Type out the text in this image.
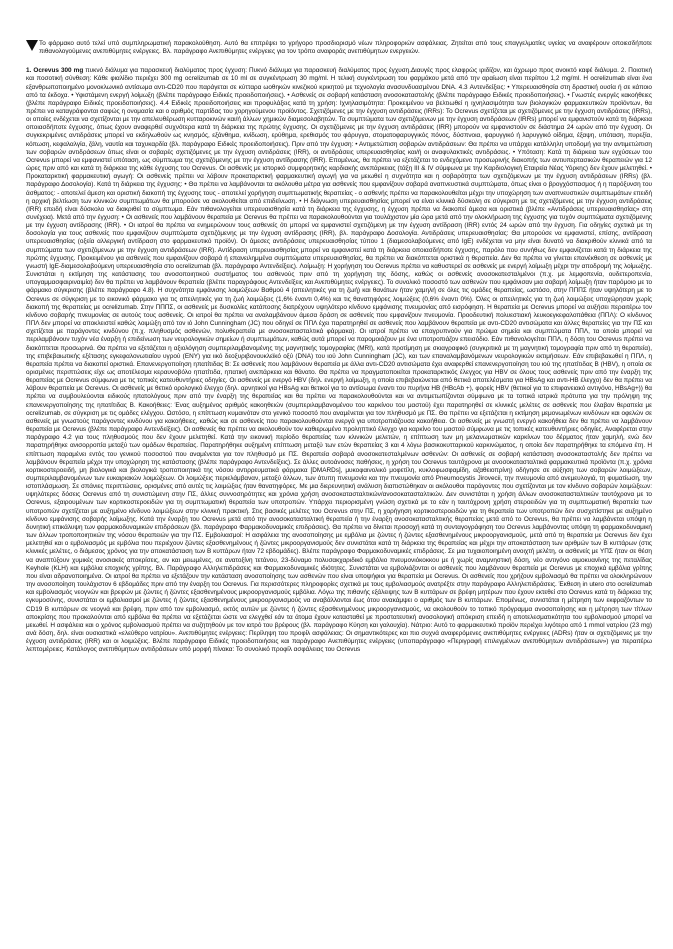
Το φάρμακο αυτό τελεί υπό συμπληρωματική παρακολούθηση. Αυτό θα επιτρέψει το γρήγορο προσδιορισμό νέων πληροφοριών ασφάλειας. Ζητείται από τους επαγγελματίες υγείας να αναφέρουν οποιεσδήποτε πιθανολογούμενες ανεπιθύμητες ενέργειες. Βλ. παράγραφο Ανεπιθύμητες ενέργειες για τον τρόπο αναφοράς ανεπιθύμητων ενεργειών.
1. Ocrevus 300 mg πυκνό διάλυμα για παρασκευή διαλύματος προς έγχυση: Πυκνό διάλυμα για παρασκευή διαλύματος προς έγχυση.Διαυγές προς ελαφρώς ιριδίζον, και άχρωμο προς ανοικτό καφέ διάλυμα. 2. Ποιοτική και ποσοτική σύνθεση: Κάθε φιαλίδιο περιέχει 300 mg ocrelizumab σε 10 ml σε συγκέντρωση 30 mg/ml. Η τελική συγκέντρωση του φαρμάκου μετά από την αραίωση είναι περίπου 1,2 mg/ml. Η ocrelizumab είναι ένα εξανθρωποποιημένο μονοκλωνικό αντίσωμα αντι-CD20 που παράγεται σε κύτταρα ωοθηκών κινεζικού κρικητού με τεχνολογία ανασυνδυασμένου DNA. 4.3 Αντενδείξεις: • Υπερευαισθησία στη δραστική ουσία ή σε κάποιο από τα έκδοχα. • Υφιστάμενη ενεργή λοίμωξη (βλέπε παράγραφο Ειδικές προειδοποιήσεις). • Ασθενείς σε σοβαρή κατάσταση ανοσοκαταστολής (βλέπε παράγραφο Ειδικές προειδοποιήσεις). • Γνωστές ενεργές κακοήθειες (βλέπε παράγραφο Ειδικές προειδοποιήσεις). 4.4 Ειδικές προειδοποιήσεις και προφυλάξεις κατά τη χρήση: Ιχνηλασιμότητα: Προκειμένου να βελτιωθεί η ιχνηλασιμότητα των βιολογικών φαρμακευτικών προϊόντων, θα πρέπει να καταγράφονται σαφώς η ονομασία και ο αριθμός παρτίδας του χορηγούμενου προϊόντος. Σχετιζόμενες με την έγχυση αντιδράσεις (IRRs): Το Ocrevus σχετίζεται με σχετιζόμενες με την έγχυση αντιδράσεις (IRRs), οι οποίες ενδέχεται να σχετίζονται με την απελευθέρωση κυτταροκινών και/ή άλλων χημικών διαμεσολαβητών. Τα συμπτώματα των σχετιζόμενων με την έγχυση αντιδράσεων (IRRs) μπορεί να εμφανιστούν κατά τη διάρκεια οποιασδήποτε έγχυσης, όπως έχουν αναφερθεί συχνότερα κατά τη διάρκεια της πρώτης έγχυσης. Οι σχετιζόμενες με την έγχυση αντιδράσεις (IRR) μπορούν να εμφανιστούν σε διάστημα 24 ωρών από την έγχυση. Οι συγκεκριμένες αντιδράσεις μπορεί να εκδηλωθούν ως κνησμός, εξάνθημα, κνίδωση, ερύθημα, ερεθισμός του φάρυγγα, στοματοφαρυγγικός πόνος, δύσπνοια, φαρυγγικό ή λαρυγγικό οίδημα, έξαψη, υπόταση, πυρεξία, κόπωση, κεφαλαλγία, ζάλη, ναυτία και ταχυκαρδία (βλ. παράγραφο Ειδικές προειδοποιήσεις). Πριν από την έγχυση: • Αντιμετώπιση σοβαρών αντιδράσεων: Θα πρέπει να υπάρχει κατάλληλη υποδομή για την αντιμετώπιση των σοβαρών αντιδράσεων όπως είναι οι σοβαρές σχετιζόμενες με την έγχυση αντιδράσεις (IRR), οι αντιδράσεις υπερευαισθησίας και/ή οι αναφυλακτικές αντιδράσεις. • Υπόταση: Κατά τη διάρκεια των εγχύσεων του Ocrevus μπορεί να εμφανιστεί υπόταση, ως σύμπτωμα της σχετιζόμενης με την έγχυση αντίδρασης (IRR). Επομένως, θα πρέπει να εξετάζεται το ενδεχόμενο προσωρινής διακοπής των αντιυπερτασικών θεραπειών για 12 ώρες πριν από και κατά τη διάρκεια της κάθε έγχυσης του Ocrevus. Οι ασθενείς με ιστορικό συμφορητικής καρδιακής ανεπάρκειας (τάξη III & IV σύμφωνα με την Καρδιολογική Εταιρεία Νέας Υόρκης) δεν έχουν μελετηθεί. • Προκαταρκτική φαρμακευτική αγωγή: Οι ασθενείς πρέπει να λάβουν προκαταρκτική φαρμακευτική αγωγή για να μειωθεί η συχνότητα και η σοβαρότητα των σχετιζόμενων με την έγχυση αντιδράσεων (IRRs) (βλ. παράγραφο Δοσολογία). Κατά τη διάρκεια της έγχυσης: • Θα πρέπει να λαμβάνονται τα ακόλουθα μέτρα για ασθενείς που εμφανίζουν σοβαρά αναπνευστικά συμπτώματα, όπως είναι ο βρογχόσπασμος ή η παρόξυνση του άσθματος: - αποτελεί άμεση και οριστική διακοπή της έγχυσης τους - αποτελεί χορήγηση συμπτωματικής θεραπείας - ο ασθενής πρέπει να παρακολουθείται μέχρι την υποχώρηση των αναπνευστικών συμπτωμάτων επειδή η αρχική βελτίωση των κλινικών συμπτωμάτων θα μπορούσε να ακολουθείται από επιδείνωση. • Η διάγνωση υπερευαισθησίας μπορεί να είναι κλινικά δύσκολη σε σύγκριση με τις σχετιζόμενες με την έγχυση αντιδράσεις (IRR) επειδή είναι δύσκολο να διακριθεί το σύμπτωμα. Εάν πιθανολογείται υπερευαισθησία κατά τη διάρκεια της έγχυσης, η έγχυση πρέπει να διακοπεί άμεσα και οριστικά (βλέπε «Αντιδράσεις υπερευαισθησίας» στη συνέχεια). Μετά από την έγχυση: • Οι ασθενείς που λαμβάνουν θεραπεία με Ocrevus θα πρέπει να παρακολουθούνται για τουλάχιστον μία ώρα μετά από την ολοκλήρωση της έγχυσης για τυχόν συμπτώματα σχετιζόμενης με την έγχυση αντίδρασης (IRR). • Οι ιατροί θα πρέπει να ενημερώνουν τους ασθενείς ότι μπορεί να εμφανιστεί σχετιζόμενη με την έγχυση αντίδραση (IRR) εντός 24 ωρών από την έγχυση. Για οδηγίες σχετικά με τη δοσολογία για τους ασθενείς που εμφανίζουν συμπτώματα σχετιζόμενης με την έγχυση αντίδρασης (IRR), βλ. παράγραφο Δοσολογία. Αντιδράσεις υπερευαισθησίας: Θα μπορούσε να εμφανιστεί, επίσης, αντίδραση υπερευαισθησίας (οξεία αλλεργική αντίδραση στο φαρμακευτικό προϊόν). Οι άμεσες αντιδράσεις υπερευαισθησίας τύπου 1 (διαμεσολαβούμενες από IgE) ενδέχεται να μην είναι δυνατό να διακριθούν κλινικά από τα συμπτώματα των σχετιζόμενων με την έγχυση αντιδράσεων (IRR). Αντίδραση υπερευαισθησίας μπορεί να εμφανιστεί κατά τη διάρκεια οποιασδήποτε έγχυσης, παρόλο που συνήθως δεν εμφανίζεται κατά τη διάρκεια της πρώτης έγχυσης. Προκειμένου για ασθενείς που εμφανίζουν σοβαρά ή επανειλημμένα συμπτώματα υπερευαισθησίας, θα πρέπει να διακόπτεται οριστικά η θεραπεία. Δεν θα πρέπει να γίνεται επανέκθεση σε ασθενείς με γνωστή IgE-διαμεσολαβούμενη υπερευαισθησία στο ocrelizumab (βλ. παράγραφο Αντενδείξεις). Λοίμωξη: Η χορήγηση του Ocrevus πρέπει να καθυστερεί σε ασθενείς με ενεργή λοίμωξη μέχρι την αποδρομή της λοίμωξης. Συνιστάται η εκτίμηση της κατάστασης του ανοσοποιητικού συστήματος του ασθενούς πριν από τη χορήγηση της δόσης, καθώς οι ασθενείς ανοσοκατεσταλμένοι (π.χ. με λεμφοπενία, ουδετεροπενία, υπογαμμασφαιριναιμία) δεν θα πρέπει να λαμβάνουν θεραπεία (βλέπε παραγράφους Αντενδείξεις και Ανεπιθύμητες ενέργειες). Το συνολικό ποσοστό των ασθενών που εμφάνισαν μια σοβαρή λοίμωξη ήταν παρόμοιο με το φάρμακο σύγκρισης (βλέπε παράγραφο 4.8). Η συχνότητα εμφάνισης λοιμώξεων Βαθμού 4 (απειλητικές για τη ζωή) και θανάτων ήταν χαμηλή σε όλες τις ομάδες θεραπείας, ωστόσο, στην ΠΠΠΣ ήταν υψηλότερη με το Ocrevus σε σύγκριση με το εικονικό φάρμακο για τις απειλητικές για τη ζωή λοιμώξεις (1,6% έναντι 0,4%) και τις θανατηφόρες λοιμώξεις (0,6% έναντι 0%). Όλες οι απειλητικές για τη ζωή λοιμώξεις υποχώρησαν χωρίς διακοπή της θεραπείας με ocrelizumab. Στην ΠΠΠΣ, οι ασθενείς με δυσκολίες κατάποσης διατρέχουν υψηλότερο κίνδυνο εμφάνισης πνευμονίας από εισρόφηση. Η θεραπεία με Ocrevus μπορεί να αυξήσει περαιτέρω τον κίνδυνο σοβαρής πνευμονίας σε αυτούς τους ασθενείς. Οι ιατροί θα πρέπει να αναλαμβάνουν άμεσα δράση σε ασθενείς που εμφανίζουν πνευμονία. Προοδευτική πολυεστιακή λευκοεγκεφαλοπάθεια (ΠΠΛ): Ο κίνδυνος ΠΠΛ δεν μπορεί να αποκλειστεί καθώς λοιμώξη από τον ιό John Cunningham (JC) που οδηγεί σε ΠΠΛ έχει παρατηρηθεί σε ασθενείς που λαμβάνουν θεραπεία με αντι-CD20 αντισώματα και άλλες θεραπείες για την ΠΣ και σχετίζεται με παράγοντες κινδύνου (π.χ. πληθυσμός ασθενών, πολυθεραπεία με ανοσοκατασταλτικά φάρμακα). Οι ιατροί πρέπει να επαγρυπνούν για πρώιμα σημεία και συμπτώματα ΠΠΛ, τα οποία μπορεί να περιλαμβάνουν τυχόν νέα έναρξη ή επιδείνωση των νευρολογικών σημείων ή συμπτωμάτων, καθώς αυτά μπορεί να παρομοιάζουν με ένα υποτροπιάζον επεισόδιο. Εάν πιθανολογείται ΠΠΛ, η δόση του Ocrevus πρέπει να διακόπτεται προσωρινά. Θα πρέπει να εξετάζεται η αξιολόγηση συμπεριλαμβανομένης της μαγνητικής τομογραφίας (MRI), κατά προτίμηση με σκιαγραφικό (συγκριτικά με τη μαγνητική τομογραφία πριν από τη θεραπεία), της επιβεβαιωτικής εξέτασης εγκεφαλονωτιαίου υγρού (ENY) για ιικό δεοξυριβονουκλεϊκό οξύ (DNA) του ιού John Cunningham (JC), και των επαναλαμβανόμενων νευρολογικών εκτιμήσεων. Εάν επιβεβαιωθεί η ΠΠΛ, η θεραπεία πρέπει να διακοπεί οριστικά. Επανενεργοποίηση ηπατίτιδας Β: Σε ασθενείς που λαμβάνουν θεραπεία με άλλα αντι-CD20 αντισώματα έχει αναφερθεί επανενεργοποίηση του ιού της ηπατίτιδας Β (HBV), η οποία σε ορισμένες περιπτώσεις είχε ως αποτέλεσμα κεραυνοβόλο ηπατίτιδα, ηπατική ανεπάρκεια και θάνατο. Θα πρέπει να πραγματοποιείται προκαταρκτικός έλεγχος για HBV σε όλους τους ασθενείς πριν από την έναρξη της θεραπείας με Ocrevus σύμφωνα με τις τοπικές κατευθυντήριες οδηγίες. Οι ασθενείς με ενεργό HBV (δηλ. ενεργή λοίμωξη, η οποία επιβεβαιώνεται από θετικά αποτελέσματα για HBsAg και αντι-HB έλεγχο) δεν θα πρέπει να λάβουν θεραπεία με Ocrevus. Οι ασθενείς με θετικό ορολογικό έλεγχο (δηλ. αρνητικοί για HBsAg και θετικοί για το αντίσωμα έναντι του πυρήνα HB (HBcAb +), φορείς HBV (θετικοί για το επιφανειακό αντιγόνο, HBsAg+)) θα πρέπει να συμβουλεύονται ειδικούς ηπατολόγους πριν από την έναρξη της θεραπείας και θα πρέπει να παρακολουθούνται και να αντιμετωπίζονται σύμφωνα με τα τοπικά ιατρικά πρότυπα για την πρόληψη της επανενεργοποίησης της ηπατίτιδας Β. Κακοήθειες: Ένας αυξημένος αριθμός κακοηθειών (συμπεριλαμβανομένου του καρκίνου του μαστού) έχει παρατηρηθεί σε κλινικές μελέτες σε ασθενείς που έλαβαν θεραπεία με ocrelizumab, σε σύγκριση με τις ομάδες ελέγχου. Ωστόσο, η επίπτωση κυμαινόταν στο γενικό ποσοστό που αναμένεται για τον πληθυσμό με ΠΣ. Θα πρέπει να εξετάζεται η εκτίμηση μεμονωμένων κινδύνων και οφελών σε ασθενείς με γνωστούς παράγοντες κινδύνου για κακοήθειες, καθώς και σε ασθενείς που παρακολουθούνται ενεργά για υποτροπιάζουσα κακοήθεια. Οι ασθενείς με γνωστή ενεργό κακοήθεια δεν θα πρέπει να λαμβάνουν θεραπεία με Ocrevus (βλέπε παράγραφο Αντενδείξεις). Οι ασθενείς θα πρέπει να ακολουθούν τον καθιερωμένο προληπτικό έλεγχο για καρκίνο του μαστού σύμφωνα με τις τοπικές κατευθυντήριες οδηγίες. Αναφέρεται στην παράγραφο 4.2 για τους πληθυσμούς που δεν έχουν μελετηθεί. Κατά την εικονική περίοδο θεραπείας των κλινικών μελετών, η επίπτωση των μη μελανωματικών καρκίνων του δέρματος ήταν χαμηλή, ενώ δεν παρατηρήθηκε ανισορροπία μεταξύ των ομάδων θεραπείας. Παρατηρήθηκε αυξημένη επίπτωση μεταξύ των ετών θεραπείας 3 και 4 λόγω βασικοκυτταρικού καρκινώματος, η οποία δεν παρατηρήθηκε τα επόμενα έτη. Η επίπτωση παραμένει εντός του γενικού ποσοστού που αναμένεται για τον πληθυσμό με ΠΣ. Θεραπεία σοβαρά ανοσοκατεσταλμένων ασθενών: Οι ασθενείς σε σοβαρή κατάσταση ανοσοκαταστολής δεν πρέπει να λαμβάνουν θεραπεία μέχρι την υποχώρηση της κατάστασης (βλέπε παράγραφο Αντενδείξεις). Σε άλλες αυτοάνοσες παθήσεις, η χρήση του Ocrevus ταυτόχρονα με ανοσοκατασταλτικά φαρμακευτικά προϊόντα (π.χ. χρόνια κορτικοστεροειδή, μη βιολογικά και βιολογικά τροποποιητικά της νόσου αντιρρευματικά φάρμακα [DMARDs], μυκοφαινολικό μοφετίλη, κυκλοφωσφαμίδη, αζαθειοπρίνη) οδήγησε σε αύξηση των σοβαρών λοιμώξεων, συμπεριλαμβανομένων των ευκαιριακών λοιμώξεων. Οι λοιμώξεις περιελάμβαναν, μεταξύ άλλων, των άτυπη πνευμονία και την πνευμονία από Pneumocystis Jirovecii, την πνευμονία από ανεμευλογιά, τη φυματίωση, την ιστοπλάσμωση. Σε σπάνιες περιπτώσεις, ορισμένες από αυτές τις λοιμώξεις ήταν θανατηφόρες. Με μια διερευνητική ανάλυση διαπιστώθηκαν οι ακόλουθοι παράγοντες που σχετίζονται με τον κίνδυνο σοβαρών λοιμώξεων: υψηλότερες δόσεις Ocrevus από τη συνιστώμενη στην ΠΣ, άλλες συννοσηρότητες και χρόνια χρήση ανοσοκατασταλτικών/ανοσοκατασταλτικών. Δεν συνιστάται η χρήση άλλων ανοσοκατασταλτικών ταυτόχρονα με το Ocrevus, εξαιρουμένων των κορτικοστεροειδών για τη συμπτωματική θεραπεία των υποτροπών. Υπάρχει περιορισμένη γνώση σχετικά με το εάν η ταυτόχρονη χρήση στεροειδών για τη συμπτωματική θεραπεία των υποτροπών σχετίζεται με αυξημένο κίνδυνο λοιμώξεων στην κλινική πρακτική. Στις βασικές μελέτες του Ocrevus στην ΠΣ, η χορήγηση κορτικοστεροειδών για τη θεραπεία των υποτροπών δεν συσχετίστηκε με αυξημένο κίνδυνο εμφάνισης σοβαρής λοίμωξης. Κατά την έναρξη του Ocrevus μετά από την ανοσοκατασταλτική θεραπεία ή την έναρξη ανοσοκατασταλτικής θεραπείας μετά από το Ocrevus, θα πρέπει να λαμβάνεται υπόψη η δυνητική επικάλυψη των φαρμακοδυναμικών επιδράσεων (βλ. παράγραφο Φαρμακοδυναμικές επιδράσεις). Θα πρέπει να δίνεται προσοχή κατά τη συνταγογράφηση του Ocrevus λαμβάνοντας υπόψη τη φαρμακοδυναμική των άλλων τροποποιητικών της νόσου θεραπειών για την ΠΣ. Εμβολιασμοί: Η ασφάλεια της ανοσοποίησης με εμβόλια με ζώντες ή ζώντες εξασθενημένους μικροοργανισμούς, μετά από τη θεραπεία με Ocrevus δεν έχει μελετηθεί και ο εμβολιασμός με εμβόλια που περιέχουν ζώντες εξασθενημένους ή ζώντες μικροοργανισμούς δεν συνιστάται κατά τη διάρκεια της θεραπείας και μέχρι την αποκατάσταση των αριθμών των Β κυττάρων (στις κλινικές μελέτες, ο διάμεσος χρόνος για την αποκατάσταση των Β κυττάρων ήταν 72 εβδομάδες). Βλέπε παράγραφο Φαρμακοδυναμικές επιδράσεις. Σε μια τυχαιοποιημένη ανοιχτή μελέτη, οι ασθενείς με ΥΠΣ ήταν σε θέση να αναπτύξουν χυμικές ανοσιακές αποκρίσεις, αν και μειωμένες, σε ανατοξίνη τετάνου, 23-δύναμο πολυσακχαριδικό εμβόλιο πνευμονιόκοκκου με ή χωρίς αναμνηστική δόση, νέο αντιγόνο αιμοκυανίνης της πεταλίδας Keyhole (KLH) και εμβόλια εποχικής γρίπης. Βλ. Παράγραφο Αλληλεπιδράσεις και Φαρμακοδυναμικές ιδιότητες. Συνιστάται να εμβολιάζονται οι ασθενείς που λαμβάνουν θεραπεία με Ocrevus με εποχικά εμβόλια γρίπης που είναι αδρανοποιημένα. Οι ιατροί θα πρέπει να εξετάζουν την κατάσταση ανοσοποίησης των ασθενών που είναι υποψήφιοι για θεραπεία με Ocrevus. Οι ασθενείς που χρήζουν εμβολιασμό θα πρέπει να ολοκληρώνουν την ανοσοποίηση τουλάχιστον 6 εβδομάδες πριν από την έναρξη του Ocrevus. Για περισσότερες πληροφορίες σχετικά με τους εμβολιασμούς ανατρέξτε στην παράγραφο Αλληλεπιδράσεις. Έκθεση in utero στο ocrelizumab και εμβολιασμός νεογνών και βρεφών με ζώντες ή ζώντες εξασθενημένους μικροοργανισμούς εμβόλια. Λόγω της πιθανής εξάλειψης των Β κυττάρων σε βρέφη μητέρων που έχουν εκτεθεί στο Ocrevus κατά τη διάρκεια της εγκυμοσύνης, συνιστάται οι εμβολιασμοί με ζώντες ή ζώντες εξασθενημένους μικροοργανισμούς να αναβάλλονται έως ότου ανακάμψει ο αριθμός των Β κυττάρων. Επομένως, συνιστάται η μέτρηση των εκφραζόντων το CD19 Β κυττάρων σε νεογνά και βρέφη, πριν από τον εμβολιασμό, εκτός αυτών με ζώντες ή ζώντες εξασθενημένους μικροοργανισμούς, να ακολουθούν το τοπικό πρόγραμμα ανοσοποίησης και η μέτρηση των τίτλων αποκρίσης που προκαλούνται από εμβόλια θα πρέπει να εξετάζεται ώστε να ελεγχθεί εάν τα άτομα έχουν κατασταθεί με προστατευτική ανοσολογική απόκριση επειδή η αποτελεσματικότητα του εμβολιασμού μπορεί να μειωθεί. Η ασφάλεια και ο χρόνος εμβολιασμού πρέπει να συζητηθούν με τον ιατρό του βρέφους (βλ. παράγραφο Κύηση και γαλουχία). Νάτριο: Αυτό το φαρμακευτικό προϊόν περιέχει λιγότερο από 1 mmol νατρίου (23 mg) ανά δόση, δηλ. είναι ουσιαστικά «ελεύθερο νατρίου». Ανεπιθύμητες ενέργειες: Περίληψη του προφίλ ασφάλειας: Οι σημαντικότερες και πιο συχνά αναφερόμενες ανεπιθύμητες ενέργειες (ADRs) ήταν οι σχετιζόμενες με την έγχυση αντιδράσεις (IRR) και οι λοιμώξεις. Βλέπε παράγραφο Ειδικές προειδοποιήσεις και παράγραφο Ανεπιθύμητες ενέργειες (υποπαράγραφο «Περιγραφή επιλεγμένων ανεπιθύμητων αντιδράσεων») για περαιτέρω λεπτομέρειες. Κατάλογος ανεπιθύμητων αντιδράσεων υπό μορφή πίνακα: Το συνολικό προφίλ ασφάλειας του Ocrevus
